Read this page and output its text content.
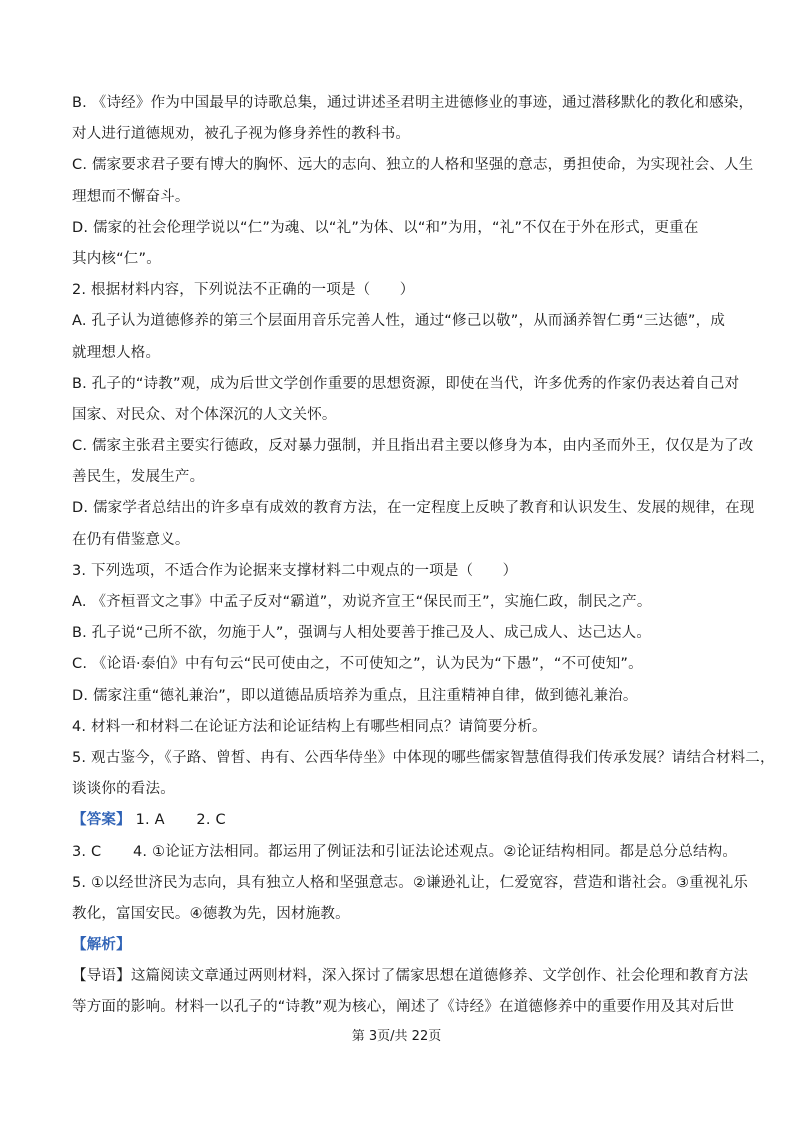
B. 《诗经》作为中国最早的诗歌总集，通过讲述圣君明主进德修业的事迹，通过潜移默化的教化和感染，
对人进行道德规劝，被孔子视为修身养性的教科书。
C. 儒家要求君子要有博大的胸怀、远大的志向、独立的人格和坚强的意志，勇担使命，为实现社会、人生
理想而不懈奋斗。
D. 儒家的社会伦理学说以“仁”为魂、以“礼”为体、以“和”为用，“礼”不仅在于外在形式，更重在
其内核“仁”。
2. 根据材料内容，下列说法不正确的一项是（　　）
A. 孔子认为道德修养的第三个层面用音乐完善人性，通过“修己以敬”，从而涵养智仁勇“三达德”，成
就理想人格。
B. 孔子的“诗教”观，成为后世文学创作重要的思想资源，即使在当代，许多优秀的作家仍表达着自己对
国家、对民众、对个体深沉的人文关怀。
C. 儒家主张君主要实行德政，反对暴力强制，并且指出君主要以修身为本，由内圣而外王，仅仅是为了改
善民生，发展生产。
D. 儒家学者总结出的许多卓有成效的教育方法，在一定程度上反映了教育和认识发生、发展的规律，在现
在仍有借鉴意义。
3. 下列选项，不适合作为论据来支撑材料二中观点的一项是（　　）
A. 《齐桓晋文之事》中孟子反对“霸道”，劝说齐宣王“保民而王”，实施仁政，制民之产。
B. 孔子说“己所不欲，勿施于人”，强调与人相处要善于推己及人、成己成人、达己达人。
C. 《论语·泰伯》中有句云“民可使由之，不可使知之”，认为民为“下愚”，“不可使知”。
D. 儒家注重“德礼兼治”，即以道德品质培养为重点，且注重精神自律，做到德礼兼治。
4. 材料一和材料二在论证方法和论证结构上有哪些相同点？请简要分析。
5. 观古鉴今，《子路、曾皙、冉有、公西华侍坐》中体现的哪些儒家智慧值得我们传承发展？请结合材料二，
谈谈你的看法。
【答案】 1. A 2. C
3. C 4. ①论证方法相同。都运用了例证法和引证法论述观点。②论证结构相同。都是总分总结构。
5. ①以经世济民为志向，具有独立人格和坚强意志。②谦逊礼让，仁爱宽容，营造和谐社会。③重视礼乐
教化，富国安民。④德教为先，因材施教。
【解析】
【导语】这篇阅读文章通过两则材料，深入探讨了儒家思想在道德修养、文学创作、社会伦理和教育方法
等方面的影响。材料一以孔子的“诗教”观为核心，阐述了《诗经》在道德修养中的重要作用及其对后世
第 3页/共 22页
